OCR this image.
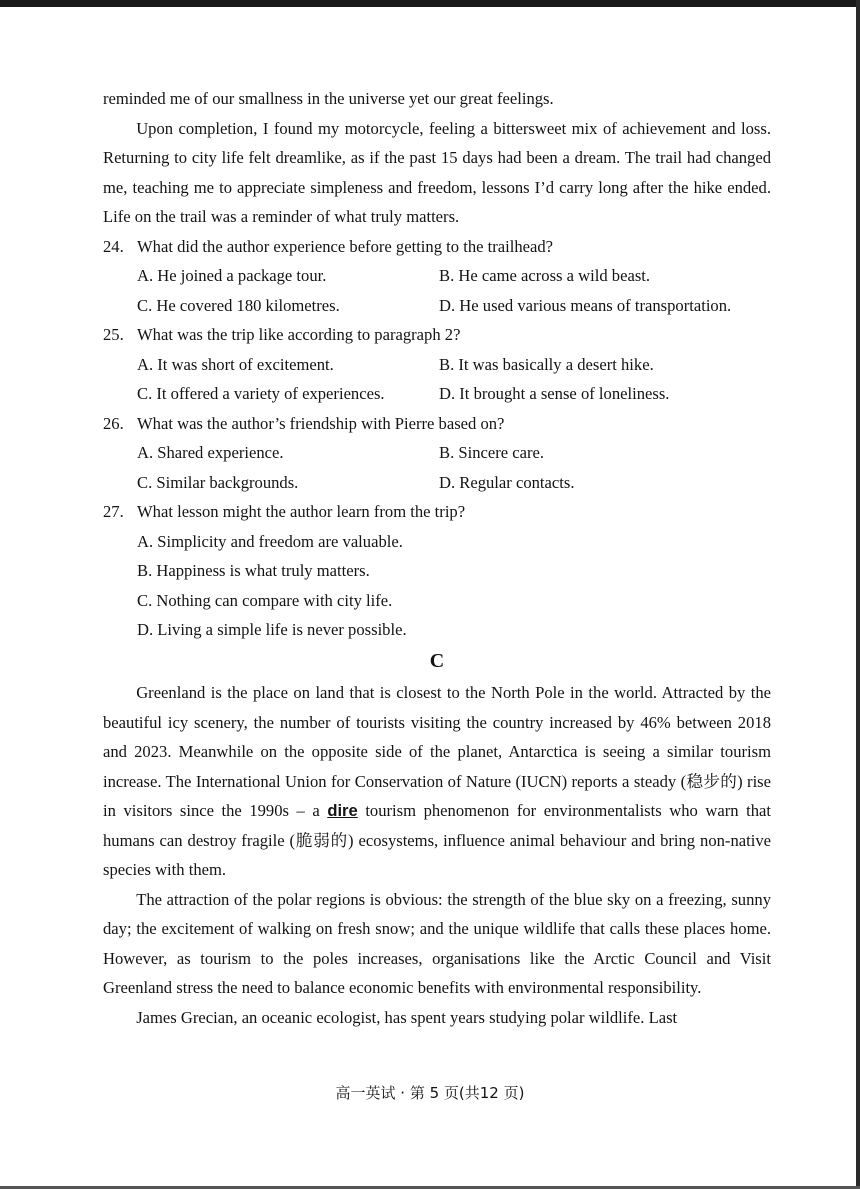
reminded me of our smallness in the universe yet our great feelings.

Upon completion, I found my motorcycle, feeling a bittersweet mix of achievement and loss. Returning to city life felt dreamlike, as if the past 15 days had been a dream. The trail had changed me, teaching me to appreciate simpleness and freedom, lessons I’d carry long after the hike ended. Life on the trail was a reminder of what truly matters.

24. What did the author experience before getting to the trailhead?

A. He joined a package tour.	B. He came across a wild beast.

C. He covered 180 kilometres.	D. He used various means of transportation.

25. What was the trip like according to paragraph 2?

A. It was short of excitement.	B. It was basically a desert hike.

C. It offered a variety of experiences.	D. It brought a sense of loneliness.

26. What was the author’s friendship with Pierre based on?

A. Shared experience.	B. Sincere care.

C. Similar backgrounds.	D. Regular contacts.

27. What lesson might the author learn from the trip?

A. Simplicity and freedom are valuable.

B. Happiness is what truly matters.

C. Nothing can compare with city life.

D. Living a simple life is never possible.

C

Greenland is the place on land that is closest to the North Pole in the world. Attracted by the beautiful icy scenery, the number of tourists visiting the country increased by 46% between 2018 and 2023. Meanwhile on the opposite side of the planet, Antarctica is seeing a similar tourism increase. The International Union for Conservation of Nature (IUCN) reports a steady (稳步的) rise in visitors since the 1990s – a dire tourism phenomenon for environmentalists who warn that humans can destroy fragile (脆弱的) ecosystems, influence animal behaviour and bring non-native species with them.

The attraction of the polar regions is obvious: the strength of the blue sky on a freezing, sunny day; the excitement of walking on fresh snow; and the unique wildlife that calls these places home. However, as tourism to the poles increases, organisations like the Arctic Council and Visit Greenland stress the need to balance economic benefits with environmental responsibility.

James Grecian, an oceanic ecologist, has spent years studying polar wildlife. Last

高一英试 · 第 5 页(共12 页)
